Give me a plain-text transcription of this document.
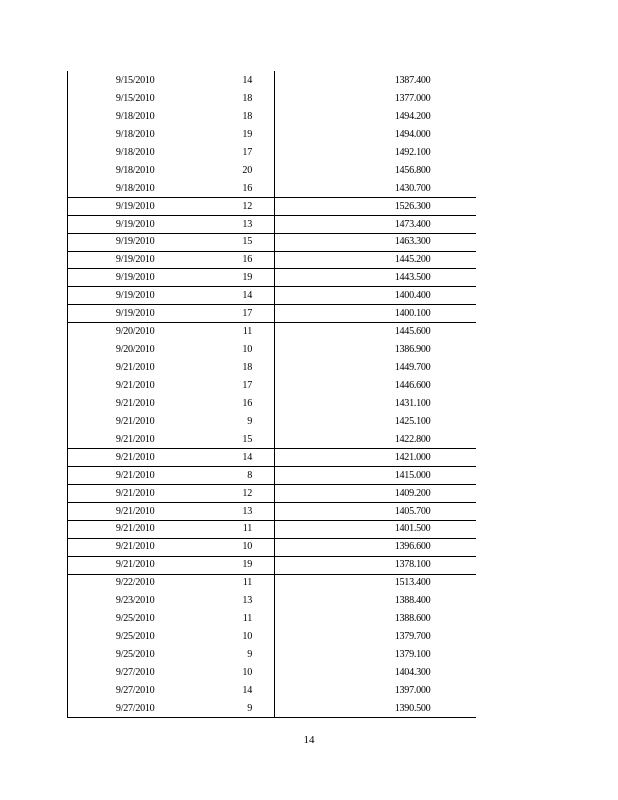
9/15/2010	14	1387.400
9/15/2010	18	1377.000
9/18/2010	18	1494.200
9/18/2010	19	1494.000
9/18/2010	17	1492.100
9/18/2010	20	1456.800
9/18/2010	16	1430.700
9/19/2010	12	1526.300
9/19/2010	13	1473.400
9/19/2010	15	1463.300
9/19/2010	16	1445.200
9/19/2010	19	1443.500
9/19/2010	14	1400.400
9/19/2010	17	1400.100
9/20/2010	11	1445.600
9/20/2010	10	1386.900
9/21/2010	18	1449.700
9/21/2010	17	1446.600
9/21/2010	16	1431.100
9/21/2010	9	1425.100
9/21/2010	15	1422.800
9/21/2010	14	1421.000
9/21/2010	8	1415.000
9/21/2010	12	1409.200
9/21/2010	13	1405.700
9/21/2010	11	1401.500
9/21/2010	10	1396.600
9/21/2010	19	1378.100
9/22/2010	11	1513.400
9/23/2010	13	1388.400
9/25/2010	11	1388.600
9/25/2010	10	1379.700
9/25/2010	9	1379.100
9/27/2010	10	1404.300
9/27/2010	14	1397.000
9/27/2010	9	1390.500
14
